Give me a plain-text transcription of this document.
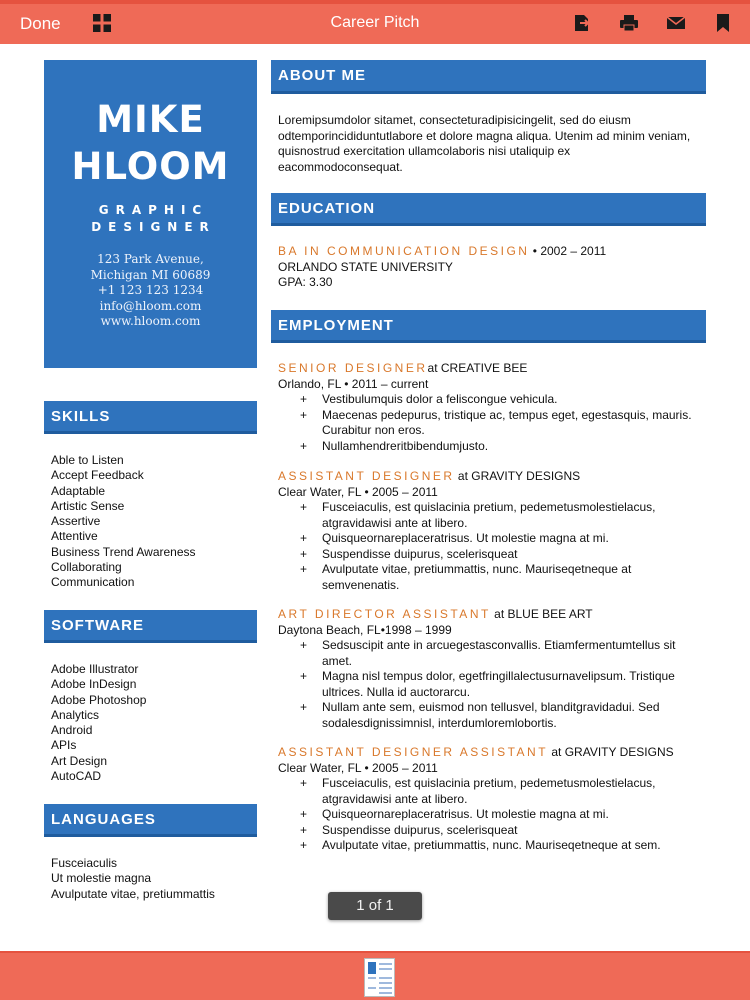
Done	Career Pitch
MIKE
HLOOM
GRAPHIC
DESIGNER
123 Park Avenue,
Michigan MI 60689
+1 123 123 1234
info@hloom.com
www.hloom.com
SKILLS
Able to Listen
Accept Feedback
Adaptable
Artistic Sense
Assertive
Attentive
Business Trend Awareness
Collaborating
Communication
SOFTWARE
Adobe Illustrator
Adobe InDesign
Adobe Photoshop
Analytics
Android
APIs
Art Design
AutoCAD
LANGUAGES
Fusceiaculis
Ut molestie magna
Avulputate vitae, pretiummattis
ABOUT ME
Loremipsumdolor sitamet, consecteturadipisicingelit, sed do eiusm odtemporincididuntutlabore et dolore magna aliqua. Utenim ad minim veniam, quisnostrud exercitation ullamcolaboris nisi utaliquip ex eacommodoconsequat.
EDUCATION
BA IN COMMUNICATION DESIGN • 2002 – 2011
ORLANDO STATE UNIVERSITY
GPA: 3.30
EMPLOYMENT
SENIOR DESIGNERat CREATIVE BEE
Orlando, FL • 2011 – current
+ Vestibulumquis dolor a feliscongue vehicula.
+ Maecenas pedepurus, tristique ac, tempus eget, egestasquis, mauris. Curabitur non eros.
+ Nullamhendreritbibendumjusto.
ASSISTANT DESIGNER at GRAVITY DESIGNS
Clear Water, FL • 2005 – 2011
+ Fusceiaculis, est quislacinia pretium, pedemetusmolestielacus, atgravidawisi ante at libero.
+ Quisqueornareplaceratrisus. Ut molestie magna at mi.
+ Suspendisse duipurus, scelerisqueat
+ Avulputate vitae, pretiummattis, nunc. Mauriseqetneque at semvenenatis.
ART DIRECTOR ASSISTANT at BLUE BEE ART
Daytona Beach, FL•1998 – 1999
+ Sedsuscipit ante in arcuegestasconvallis. Etiamfermentumtellus sit amet.
+ Magna nisl tempus dolor, egetfringillalectusurnavelipsum. Tristique ultrices. Nulla id auctorarcu.
+ Nullam ante sem, euismod non tellusvel, blanditgravidadui. Sed sodalesdignissimnisl, interdumloremlobortis.
ASSISTANT DESIGNER ASSISTANT at GRAVITY DESIGNS
Clear Water, FL • 2005 – 2011
+ Fusceiaculis, est quislacinia pretium, pedemetusmolestielacus, atgravidawisi ante at libero.
+ Quisqueornareplaceratrisus. Ut molestie magna at mi.
+ Suspendisse duipurus, scelerisqueat
+ Avulputate vitae, pretiummattis, nunc. Mauriseqetneque at sem.
1 of 1
